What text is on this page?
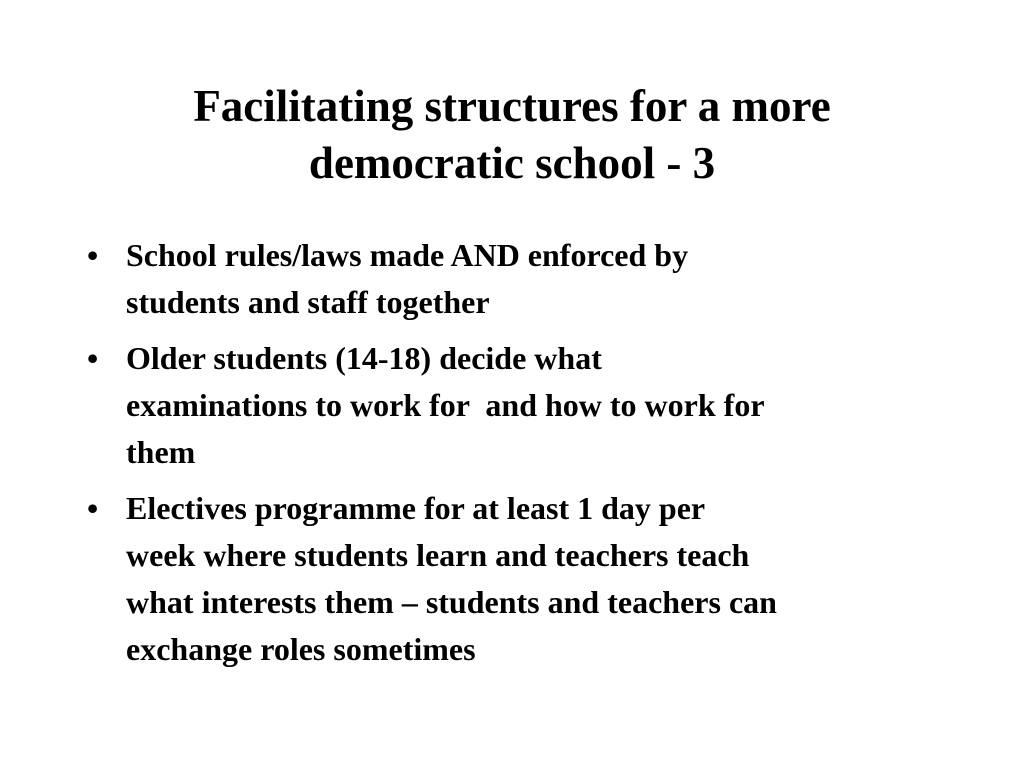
Facilitating structures for a more
democratic school - 3
• School rules/laws made AND enforced by
students and staff together
• Older students (14-18) decide what
examinations to work for  and how to work for
them
• Electives programme for at least 1 day per
week where students learn and teachers teach
what interests them – students and teachers can
exchange roles sometimes
